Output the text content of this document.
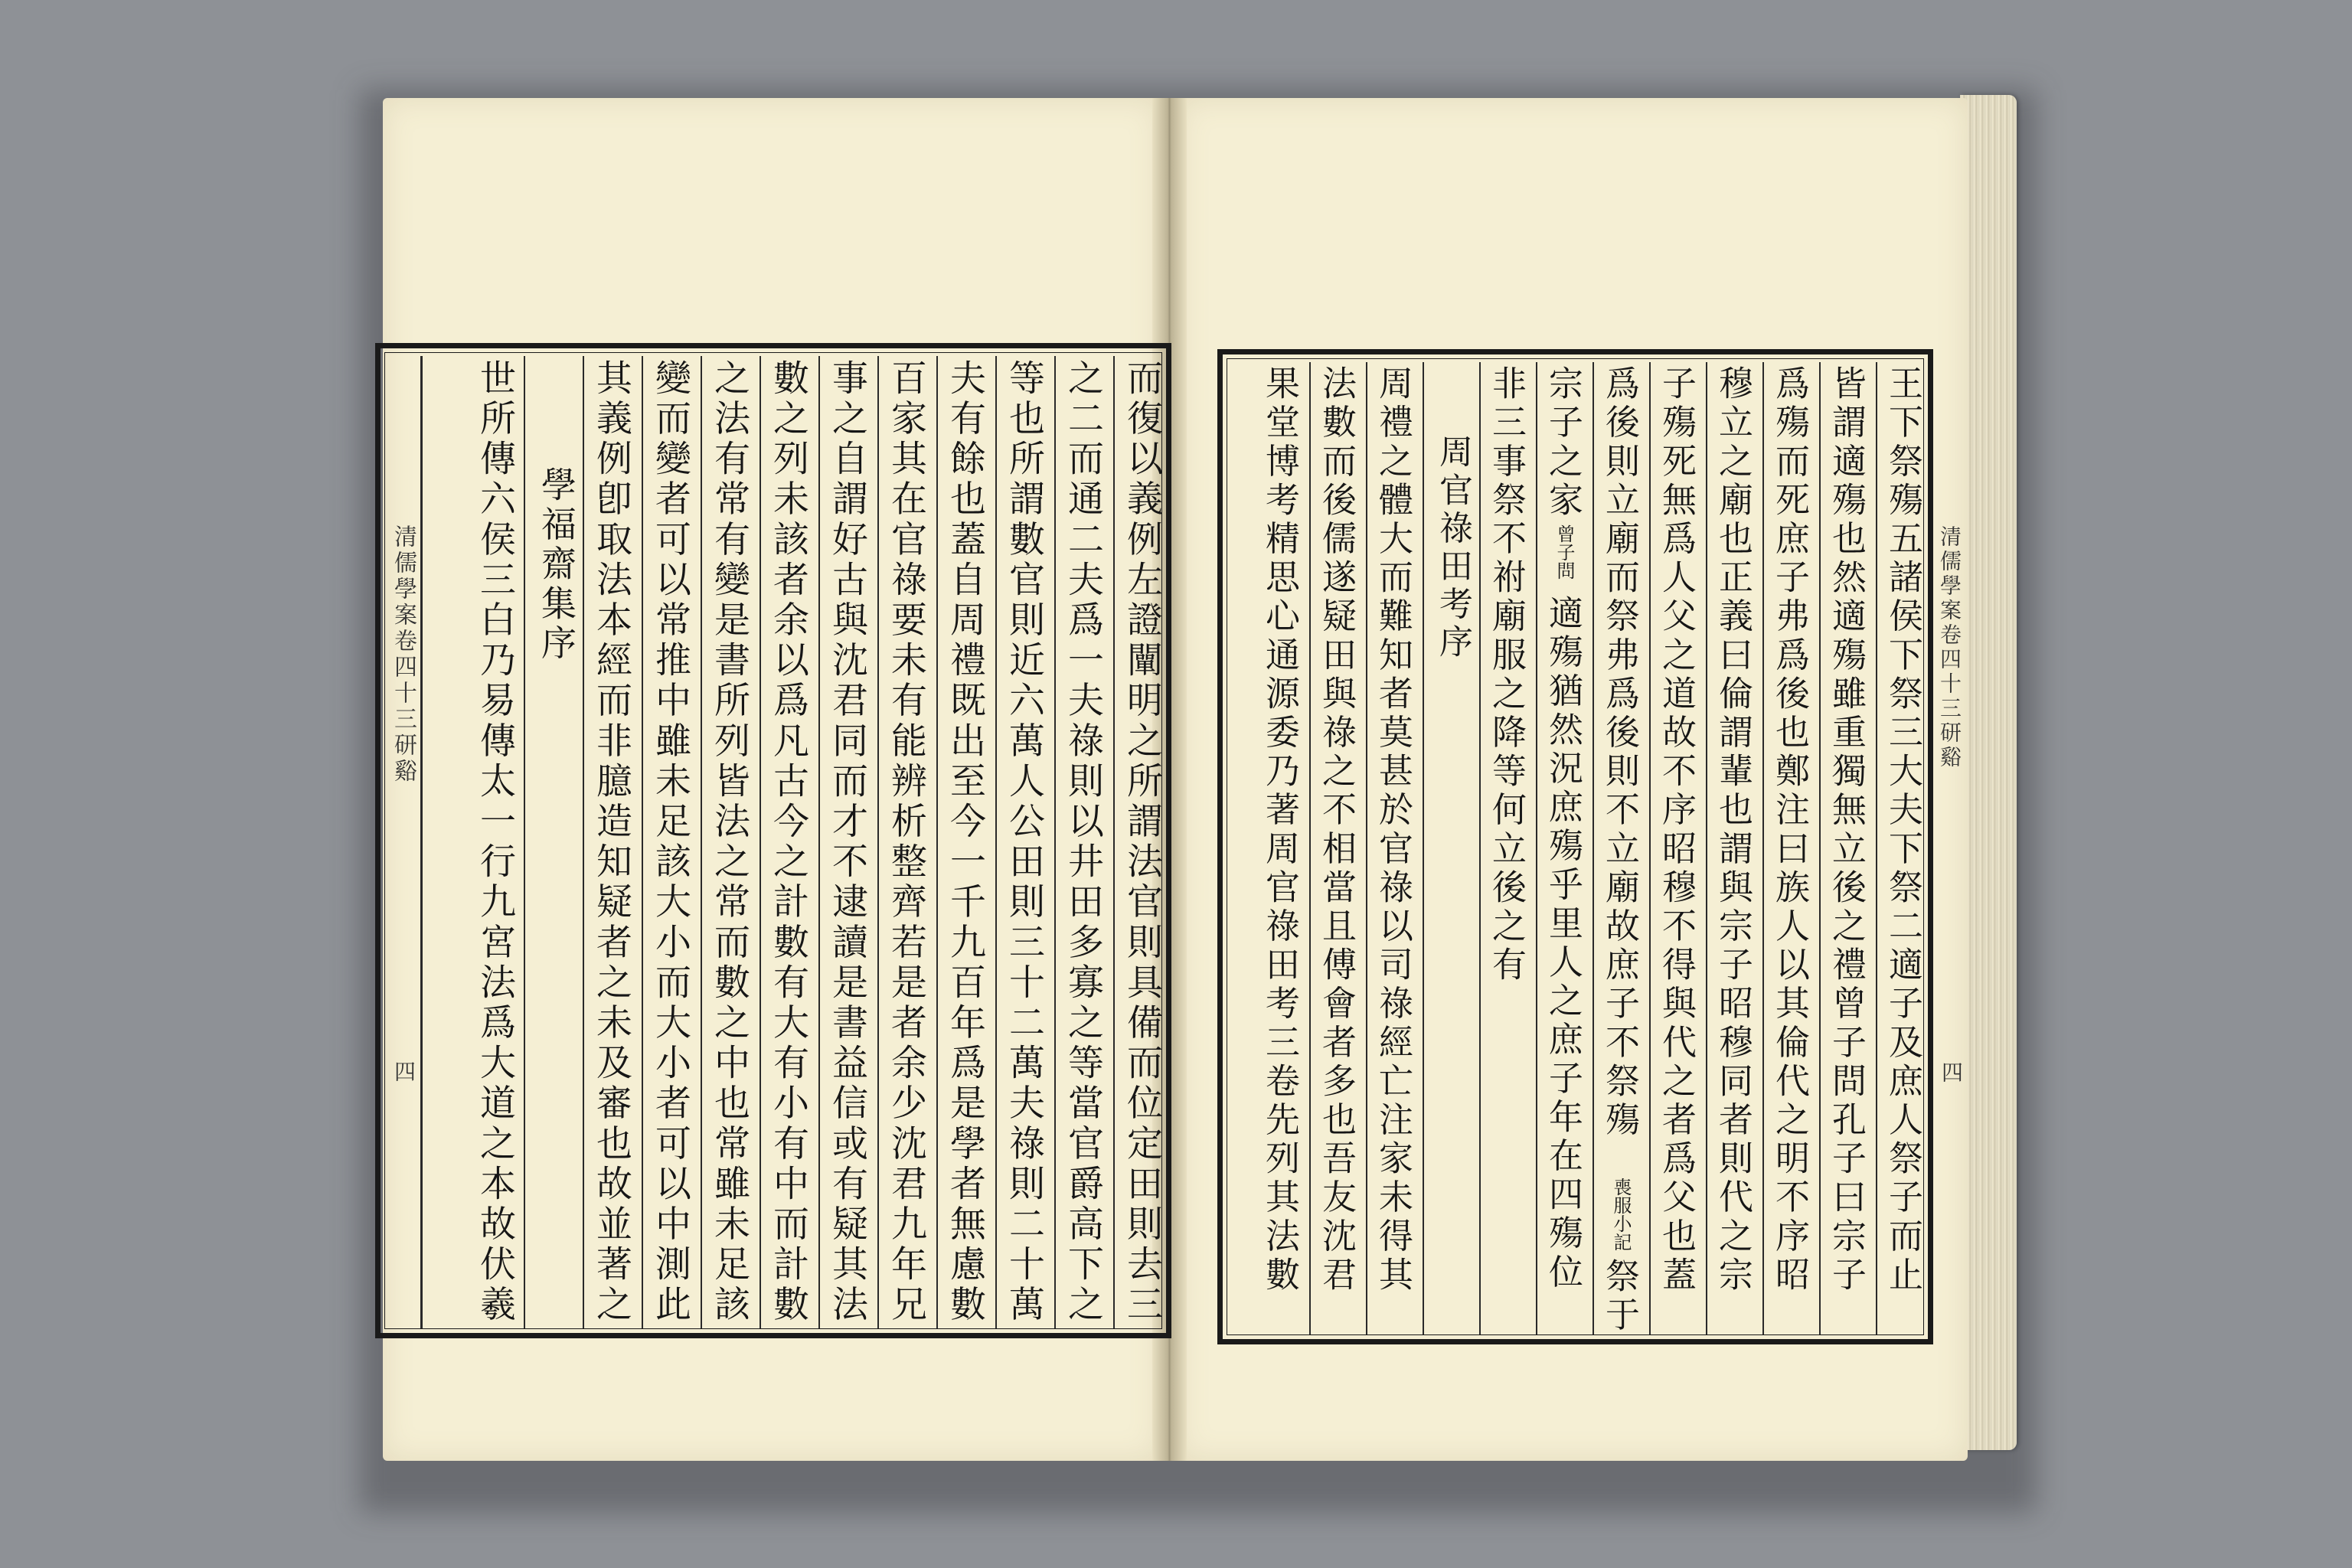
清儒學案卷四十三研谿
四	而復以義例左證闡明之所謂法官則具備而位定田則去三
之二而通二夫爲一夫祿則以井田多寡之等當官爵高下之
等也所謂數官則近六萬人公田則三十二萬夫祿則二十萬
夫有餘也蓋自周禮既出至今一千九百年爲是學者無慮數
百家其在官祿要未有能辨析整齊若是者余少沈君九年兄
事之自謂好古與沈君同而才不逮讀是書益信或有疑其法
數之列未該者余以爲凡古今之計數有大有小有中而計數
之法有常有變是書所列皆法之常而數之中也常雖未足該
變而變者可以常推中雖未足該大小而大小者可以中測此
其義例卽取法本經而非臆造知疑者之未及審也故並著之
學福齋集序
世所傳六侯三白乃易傳太一行九宮法爲大道之本故伏羲	王下祭殤五諸侯下祭三大夫下祭二適子及庶人祭子而止
皆謂適殤也然適殤雖重獨無立後之禮曾子問孔子曰宗子
爲殤而死庶子弗爲後也鄭注曰族人以其倫代之明不序昭
穆立之廟也正義曰倫謂輩也謂與宗子昭穆同者則代之宗
子殤死無爲人父之道故不序昭穆不得與代之者爲父也蓋
爲後則立廟而祭弗爲後則不立廟故庶子不祭殤
喪服小記
祭于
宗子之家
曾子問
適殤猶然況庶殤乎里人之庶子年在四殤位
非三事祭不祔廟服之降等何立後之有
周官祿田考序
周禮之體大而難知者莫甚於官祿以司祿經亡注家未得其
法數而後儒遂疑田與祿之不相當且傅會者多也吾友沈君
果堂博考精思心通源委乃著周官祿田考三卷先列其法數	清儒學案卷四十三研谿
四
